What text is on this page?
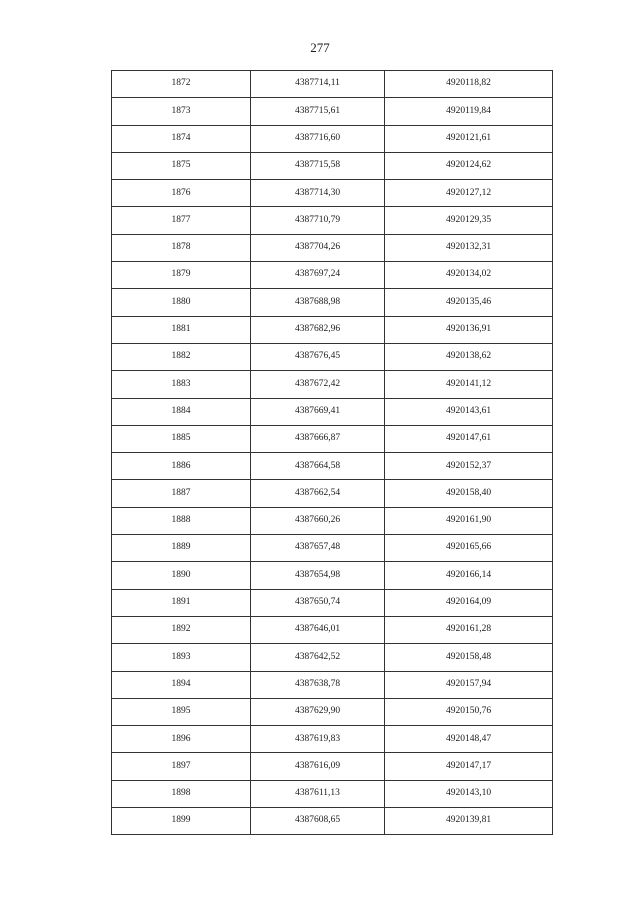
277
1872	4387714,11	4920118,82
1873	4387715,61	4920119,84
1874	4387716,60	4920121,61
1875	4387715,58	4920124,62
1876	4387714,30	4920127,12
1877	4387710,79	4920129,35
1878	4387704,26	4920132,31
1879	4387697,24	4920134,02
1880	4387688,98	4920135,46
1881	4387682,96	4920136,91
1882	4387676,45	4920138,62
1883	4387672,42	4920141,12
1884	4387669,41	4920143,61
1885	4387666,87	4920147,61
1886	4387664,58	4920152,37
1887	4387662,54	4920158,40
1888	4387660,26	4920161,90
1889	4387657,48	4920165,66
1890	4387654,98	4920166,14
1891	4387650,74	4920164,09
1892	4387646,01	4920161,28
1893	4387642,52	4920158,48
1894	4387638,78	4920157,94
1895	4387629,90	4920150,76
1896	4387619,83	4920148,47
1897	4387616,09	4920147,17
1898	4387611,13	4920143,10
1899	4387608,65	4920139,81
